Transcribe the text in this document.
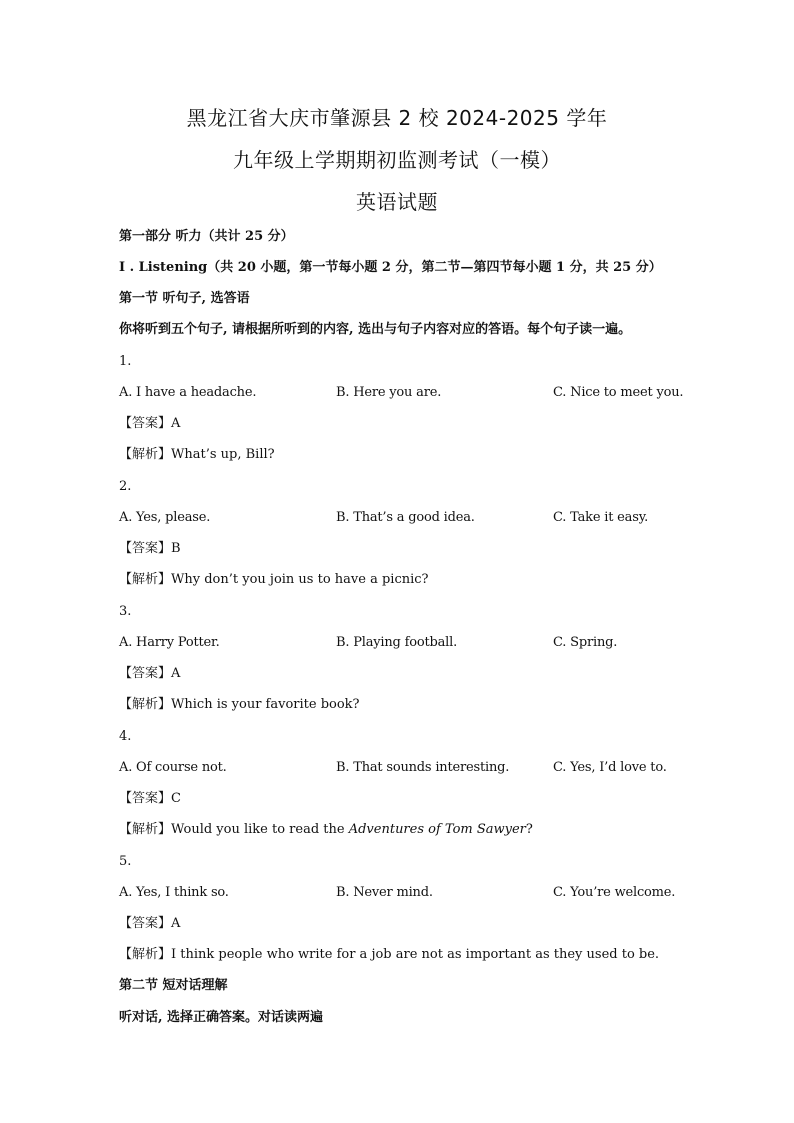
黑龙江省大庆市肇源县 2 校 2024-2025 学年
九年级上学期期初监测考试（一模）
英语试题
第一部分 听力（共计 25 分）
I . Listening（共 20 小题，第一节每小题 2 分，第二节—第四节每小题 1 分，共 25 分）
第一节 听句子, 选答语
你将听到五个句子, 请根据所听到的内容, 选出与句子内容对应的答语。每个句子读一遍。
1.
A. I have a headache.	B. Here you are.	C. Nice to meet you.
【答案】A
【解析】What’s up, Bill?
2.
A. Yes, please.	B. That’s a good idea.	C. Take it easy.
【答案】B
【解析】Why don’t you join us to have a picnic?
3.
A. Harry Potter.	B. Playing football.	C. Spring.
【答案】A
【解析】Which is your favorite book?
4.
A. Of course not.	B. That sounds interesting.	C. Yes, I’d love to.
【答案】C
【解析】Would you like to read the Adventures of Tom Sawyer?
5.
A. Yes, I think so.	B. Never mind.	C. You’re welcome.
【答案】A
【解析】I think people who write for a job are not as important as they used to be.
第二节 短对话理解
听对话, 选择正确答案。对话读两遍
